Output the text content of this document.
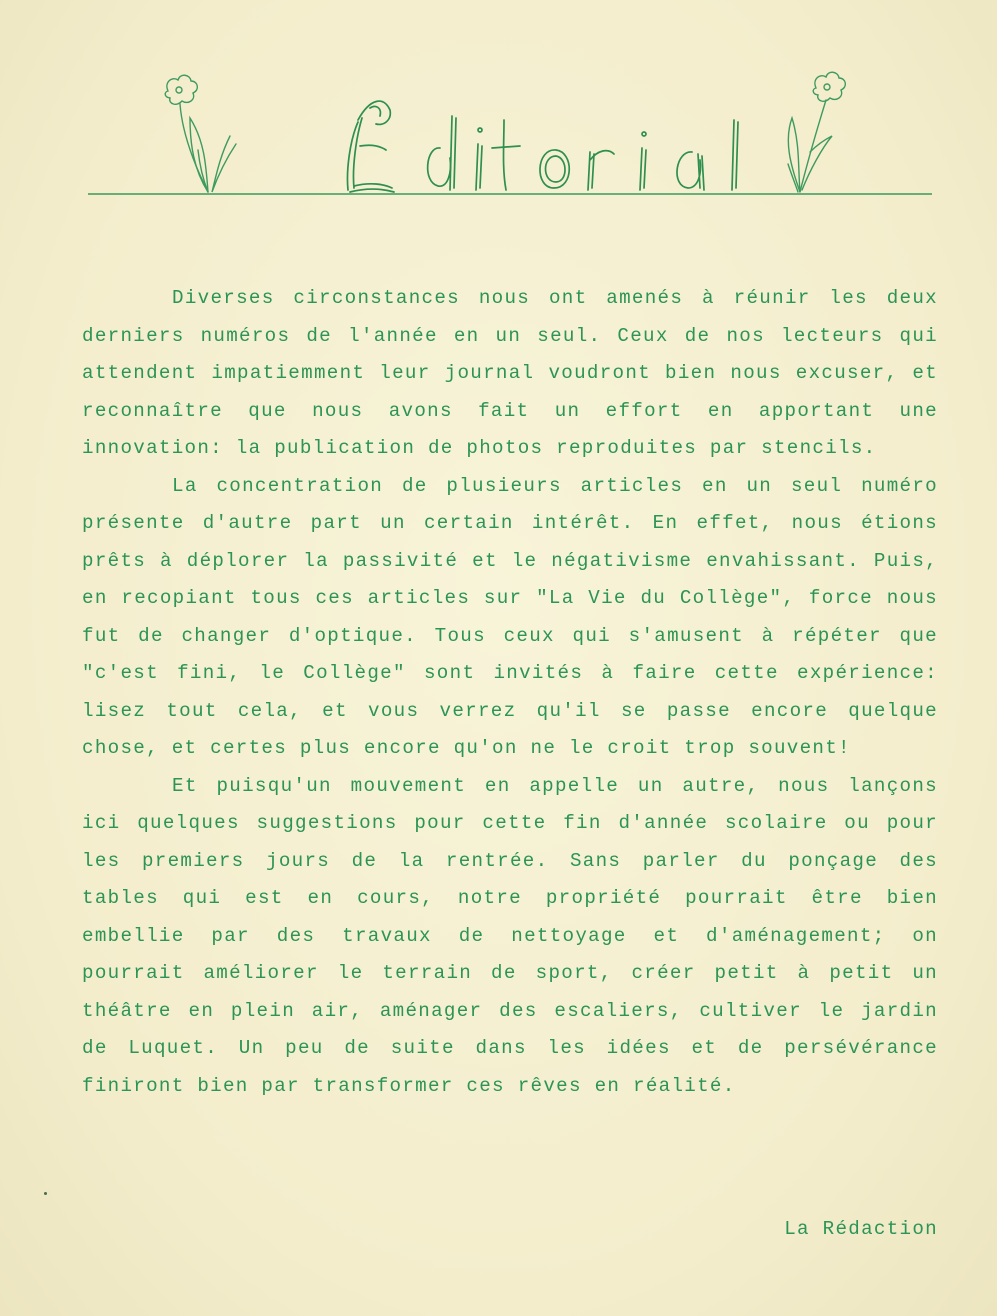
Diverses circonstances nous ont amenés à réunir les deux derniers numéros de l'année en un seul. Ceux de nos lecteurs qui attendent impatiemment leur journal voudront bien nous excuser, et reconnaître que nous avons fait un effort en apportant une innovation: la publication de photos reproduites par stencils.

La concentration de plusieurs articles en un seul numéro présente d'autre part un certain intérêt. En effet, nous étions prêts à déplorer la passivité et le négativisme envahissant. Puis, en recopiant tous ces articles sur "La Vie du Collège", force nous fut de changer d'optique. Tous ceux qui s'amusent à répéter que "c'est fini, le Collège" sont invités à faire cette expérience: lisez tout cela, et vous verrez qu'il se passe encore quelque chose, et certes plus encore qu'on ne le croit trop souvent!

Et puisqu'un mouvement en appelle un autre, nous lançons ici quelques suggestions pour cette fin d'année scolaire ou pour les premiers jours de la rentrée. Sans parler du ponçage des tables qui est en cours, notre propriété pourrait être bien embellie par des travaux de nettoyage et d'aménagement; on pourrait améliorer le terrain de sport, créer petit à petit un théâtre en plein air, aménager des escaliers, cultiver le jardin de Luquet. Un peu de suite dans les idées et de persévérance finiront bien par transformer ces rêves en réalité.

La Rédaction
